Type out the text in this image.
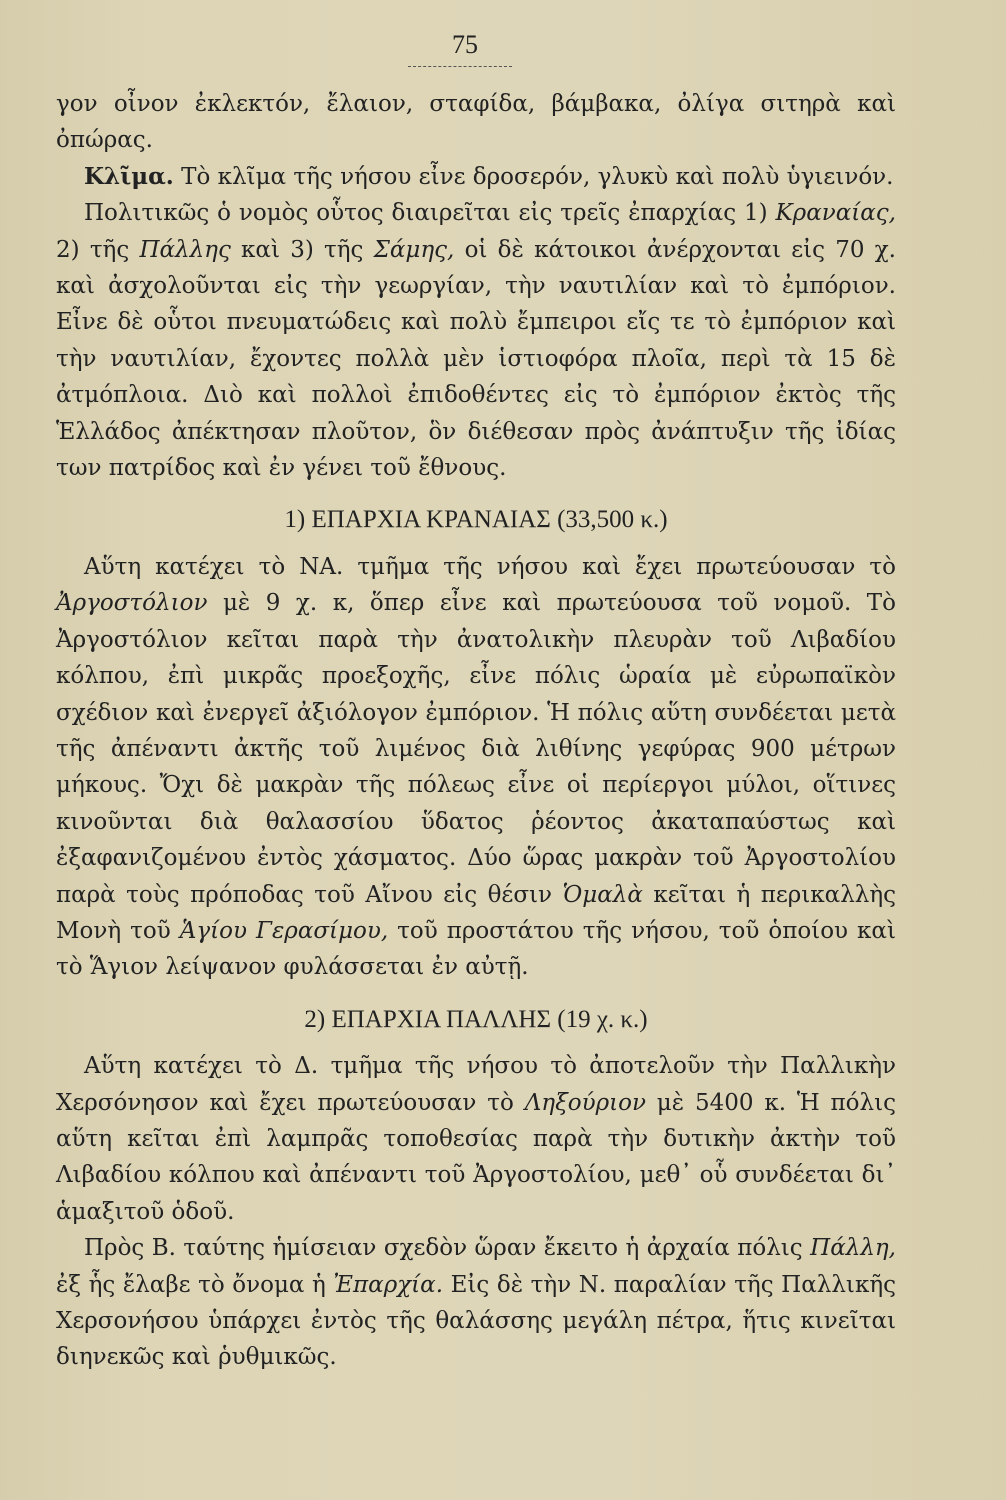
75

γον οἶνον ἐκλεκτόν, ἔλαιον, σταφίδα, βάμβακα, ὀλίγα σιτηρὰ καὶ ὀπώρας.

Κλῖμα. Τὸ κλῖμα τῆς νήσου εἶνε δροσερόν, γλυκὺ καὶ πολὺ ὑγιεινόν.

Πολιτικῶς ὁ νομὸς οὗτος διαιρεῖται εἰς τρεῖς ἐπαρχίας 1) Κραναίας, 2) τῆς Πάλλης καὶ 3) τῆς Σάμης, οἱ δὲ κάτοικοι ἀνέρχονται εἰς 70 χ. καὶ ἀσχολοῦνται εἰς τὴν γεωργίαν, τὴν ναυτιλίαν καὶ τὸ ἐμπόριον. Εἶνε δὲ οὗτοι πνευματώδεις καὶ πολὺ ἔμπειροι εἴς τε τὸ ἐμπόριον καὶ τὴν ναυτιλίαν, ἔχοντες πολλὰ μὲν ἱστιοφόρα πλοῖα, περὶ τὰ 15 δὲ ἀτμόπλοια. Διὸ καὶ πολλοὶ ἐπιδοθέντες εἰς τὸ ἐμπόριον ἐκτὸς τῆς Ἑλλάδος ἀπέκτησαν πλοῦτον, ὃν διέθεσαν πρὸς ἀνάπτυξιν τῆς ἰδίας των πατρίδος καὶ ἐν γένει τοῦ ἔθνους.

1) ΕΠΑΡΧΙΑ ΚΡΑΝΑΙΑΣ (33,500 κ.)

Αὕτη κατέχει τὸ ΝΑ. τμῆμα τῆς νήσου καὶ ἔχει πρωτεύουσαν τὸ Ἀργοστόλιον μὲ 9 χ. κ, ὅπερ εἶνε καὶ πρωτεύουσα τοῦ νομοῦ. Τὸ Ἀργοστόλιον κεῖται παρὰ τὴν ἀνατολικὴν πλευρὰν τοῦ Λιβαδίου κόλπου, ἐπὶ μικρᾶς προεξοχῆς, εἶνε πόλις ὡραία μὲ εὐρωπαϊκὸν σχέδιον καὶ ἐνεργεῖ ἀξιόλογον ἐμπόριον. Ἡ πόλις αὕτη συνδέεται μετὰ τῆς ἀπέναντι ἀκτῆς τοῦ λιμένος διὰ λιθίνης γεφύρας 900 μέτρων μήκους. Ὄχι δὲ μακρὰν τῆς πόλεως εἶνε οἱ περίεργοι μύλοι, οἵτινες κινοῦνται διὰ θαλασσίου ὕδατος ῥέοντος ἀκαταπαύστως καὶ ἐξαφανιζομένου ἐντὸς χάσματος. Δύο ὥρας μακρὰν τοῦ Ἀργοστολίου παρὰ τοὺς πρόποδας τοῦ Αἴνου εἰς θέσιν Ὁμαλὰ κεῖται ἡ περικαλλὴς Μονὴ τοῦ Ἁγίου Γερασίμου, τοῦ προστάτου τῆς νήσου, τοῦ ὁποίου καὶ τὸ Ἅγιον λείψανον φυλάσσεται ἐν αὐτῇ.

2) ΕΠΑΡΧΙΑ ΠΑΛΛΗΣ (19 χ. κ.)

Αὕτη κατέχει τὸ Δ. τμῆμα τῆς νήσου τὸ ἀποτελοῦν τὴν Παλλικὴν Χερσόνησον καὶ ἔχει πρωτεύουσαν τὸ Ληξούριον μὲ 5400 κ. Ἡ πόλις αὕτη κεῖται ἐπὶ λαμπρᾶς τοποθεσίας παρὰ τὴν δυτικὴν ἀκτὴν τοῦ Λιβαδίου κόλπου καὶ ἀπέναντι τοῦ Ἀργοστολίου, μεθ᾿ οὗ συνδέεται δι᾿ ἁμαξιτοῦ ὁδοῦ.

Πρὸς Β. ταύτης ἡμίσειαν σχεδὸν ὥραν ἔκειτο ἡ ἀρχαία πόλις Πάλλη, ἐξ ἧς ἔλαβε τὸ ὄνομα ἡ Ἐπαρχία. Εἰς δὲ τὴν Ν. παραλίαν τῆς Παλλικῆς Χερσονήσου ὑπάρχει ἐντὸς τῆς θαλάσσης μεγάλη πέτρα, ἥτις κινεῖται διηνεκῶς καὶ ῥυθμικῶς.
